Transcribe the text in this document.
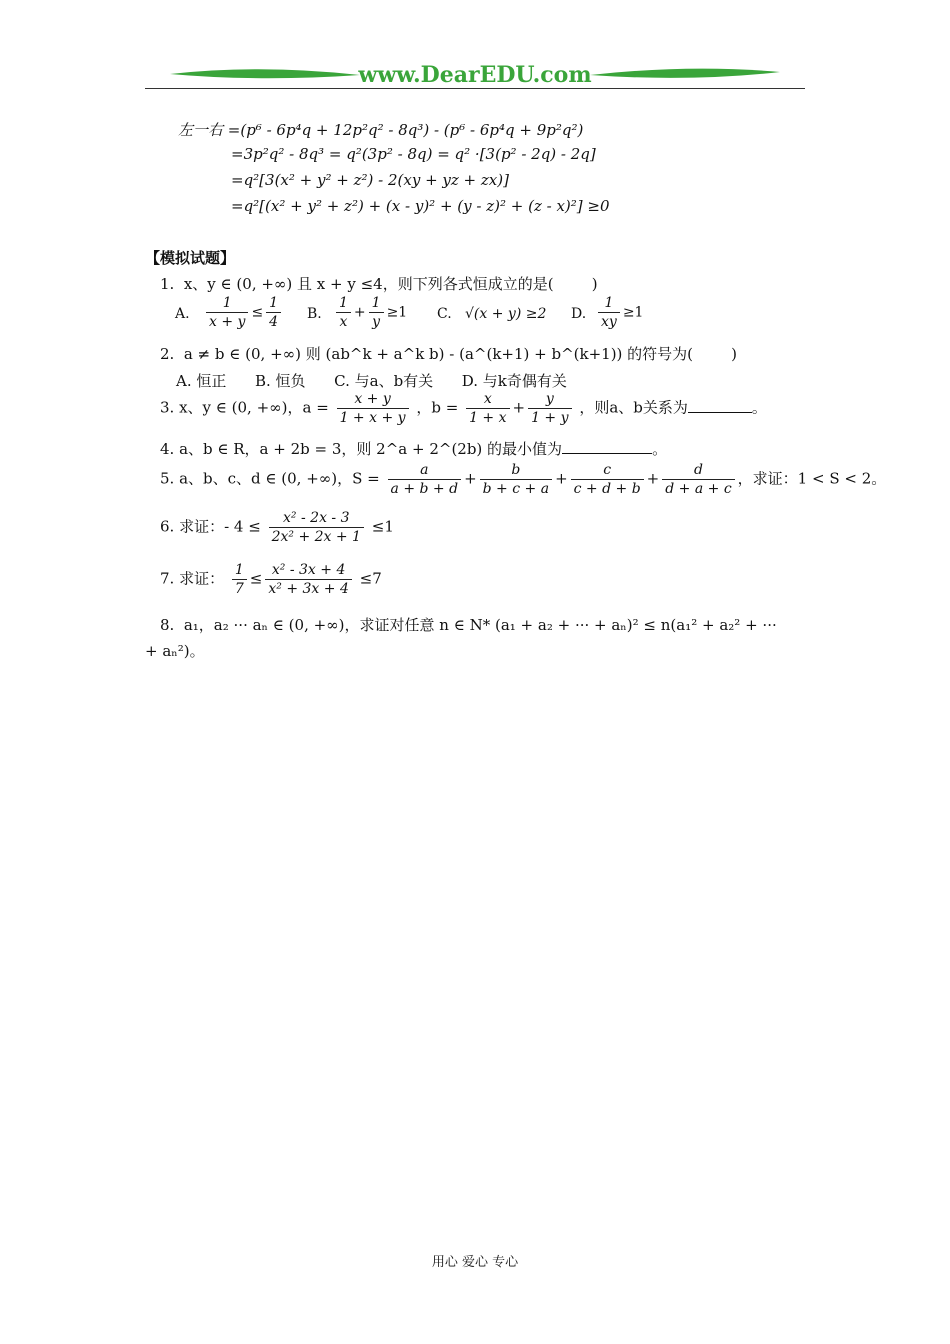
www.DearEDU.com
左一右 =(p⁶ - 6p⁴q + 12p²q² - 8q³) - (p⁶ - 6p⁴q + 9p²q²)
=3p²q² - 8q³ = q²(3p² - 8q) = q² ·[3(p² - 2q) - 2q]
=q²[3(x² + y² + z²) - 2(xy + yz + zx)]
=q²[(x² + y² + z²) + (x - y)² + (y - z)² + (z - x)²] ≥0
【模拟试题】
1.  x、y ∈ (0, +∞) 且 x + y ≤4，则下列各式恒成立的是(        )
A. $\frac{1}{x + y} \le \frac{1}{4} B$. $\frac{1}{x} + \frac{1}{y} \ge 1$ C. √(x + y) ≥2 D. $\frac{1}{xy} \ge 1$
2.  a ≠ b ∈ (0, +∞) 则 (ab^k + a^k b) - (a^(k+1) + b^(k+1)) 的符号为(        )
A. 恒正      B. 恒负      C. 与a、b有关      D. 与k奇偶有关
3. x、y ∈ (0, +∞)，$a = \frac{x + y}{1 + x + y}$ ，$b = \frac{x}{1 + x} + \frac{y}{1 + y}$ ，则a、b关系为	。
4. a、b ∈ R，a + 2b = 3，则 2^a + 2^(2b) 的最小值为	。
5. a、b、c、d ∈ (0, +∞)，$S = \frac{a}{a + b + d} + \frac{b}{b + c + a} + \frac{c}{c + d + b} + \frac{d}{d + a + c}$ ，求证：1 < S < 2。
6. 求证：- $4 \le \frac{\text{x² - 2x - 3}}{\text{2x² + 2x + 1}} \le 1$
7. 求证： $\frac{1}{7} \le \frac{\text{x² - 3x + 4}}{\text{x² + 3x + 4}} \le 7$
8.  a₁，a₂ ··· aₙ ∈ (0, +∞)，求证对任意 n ∈ N* (a₁ + a₂ + ··· + aₙ)² ≤ n(a₁² + a₂² + ···
+ aₙ²)。
用心 爱心 专心
